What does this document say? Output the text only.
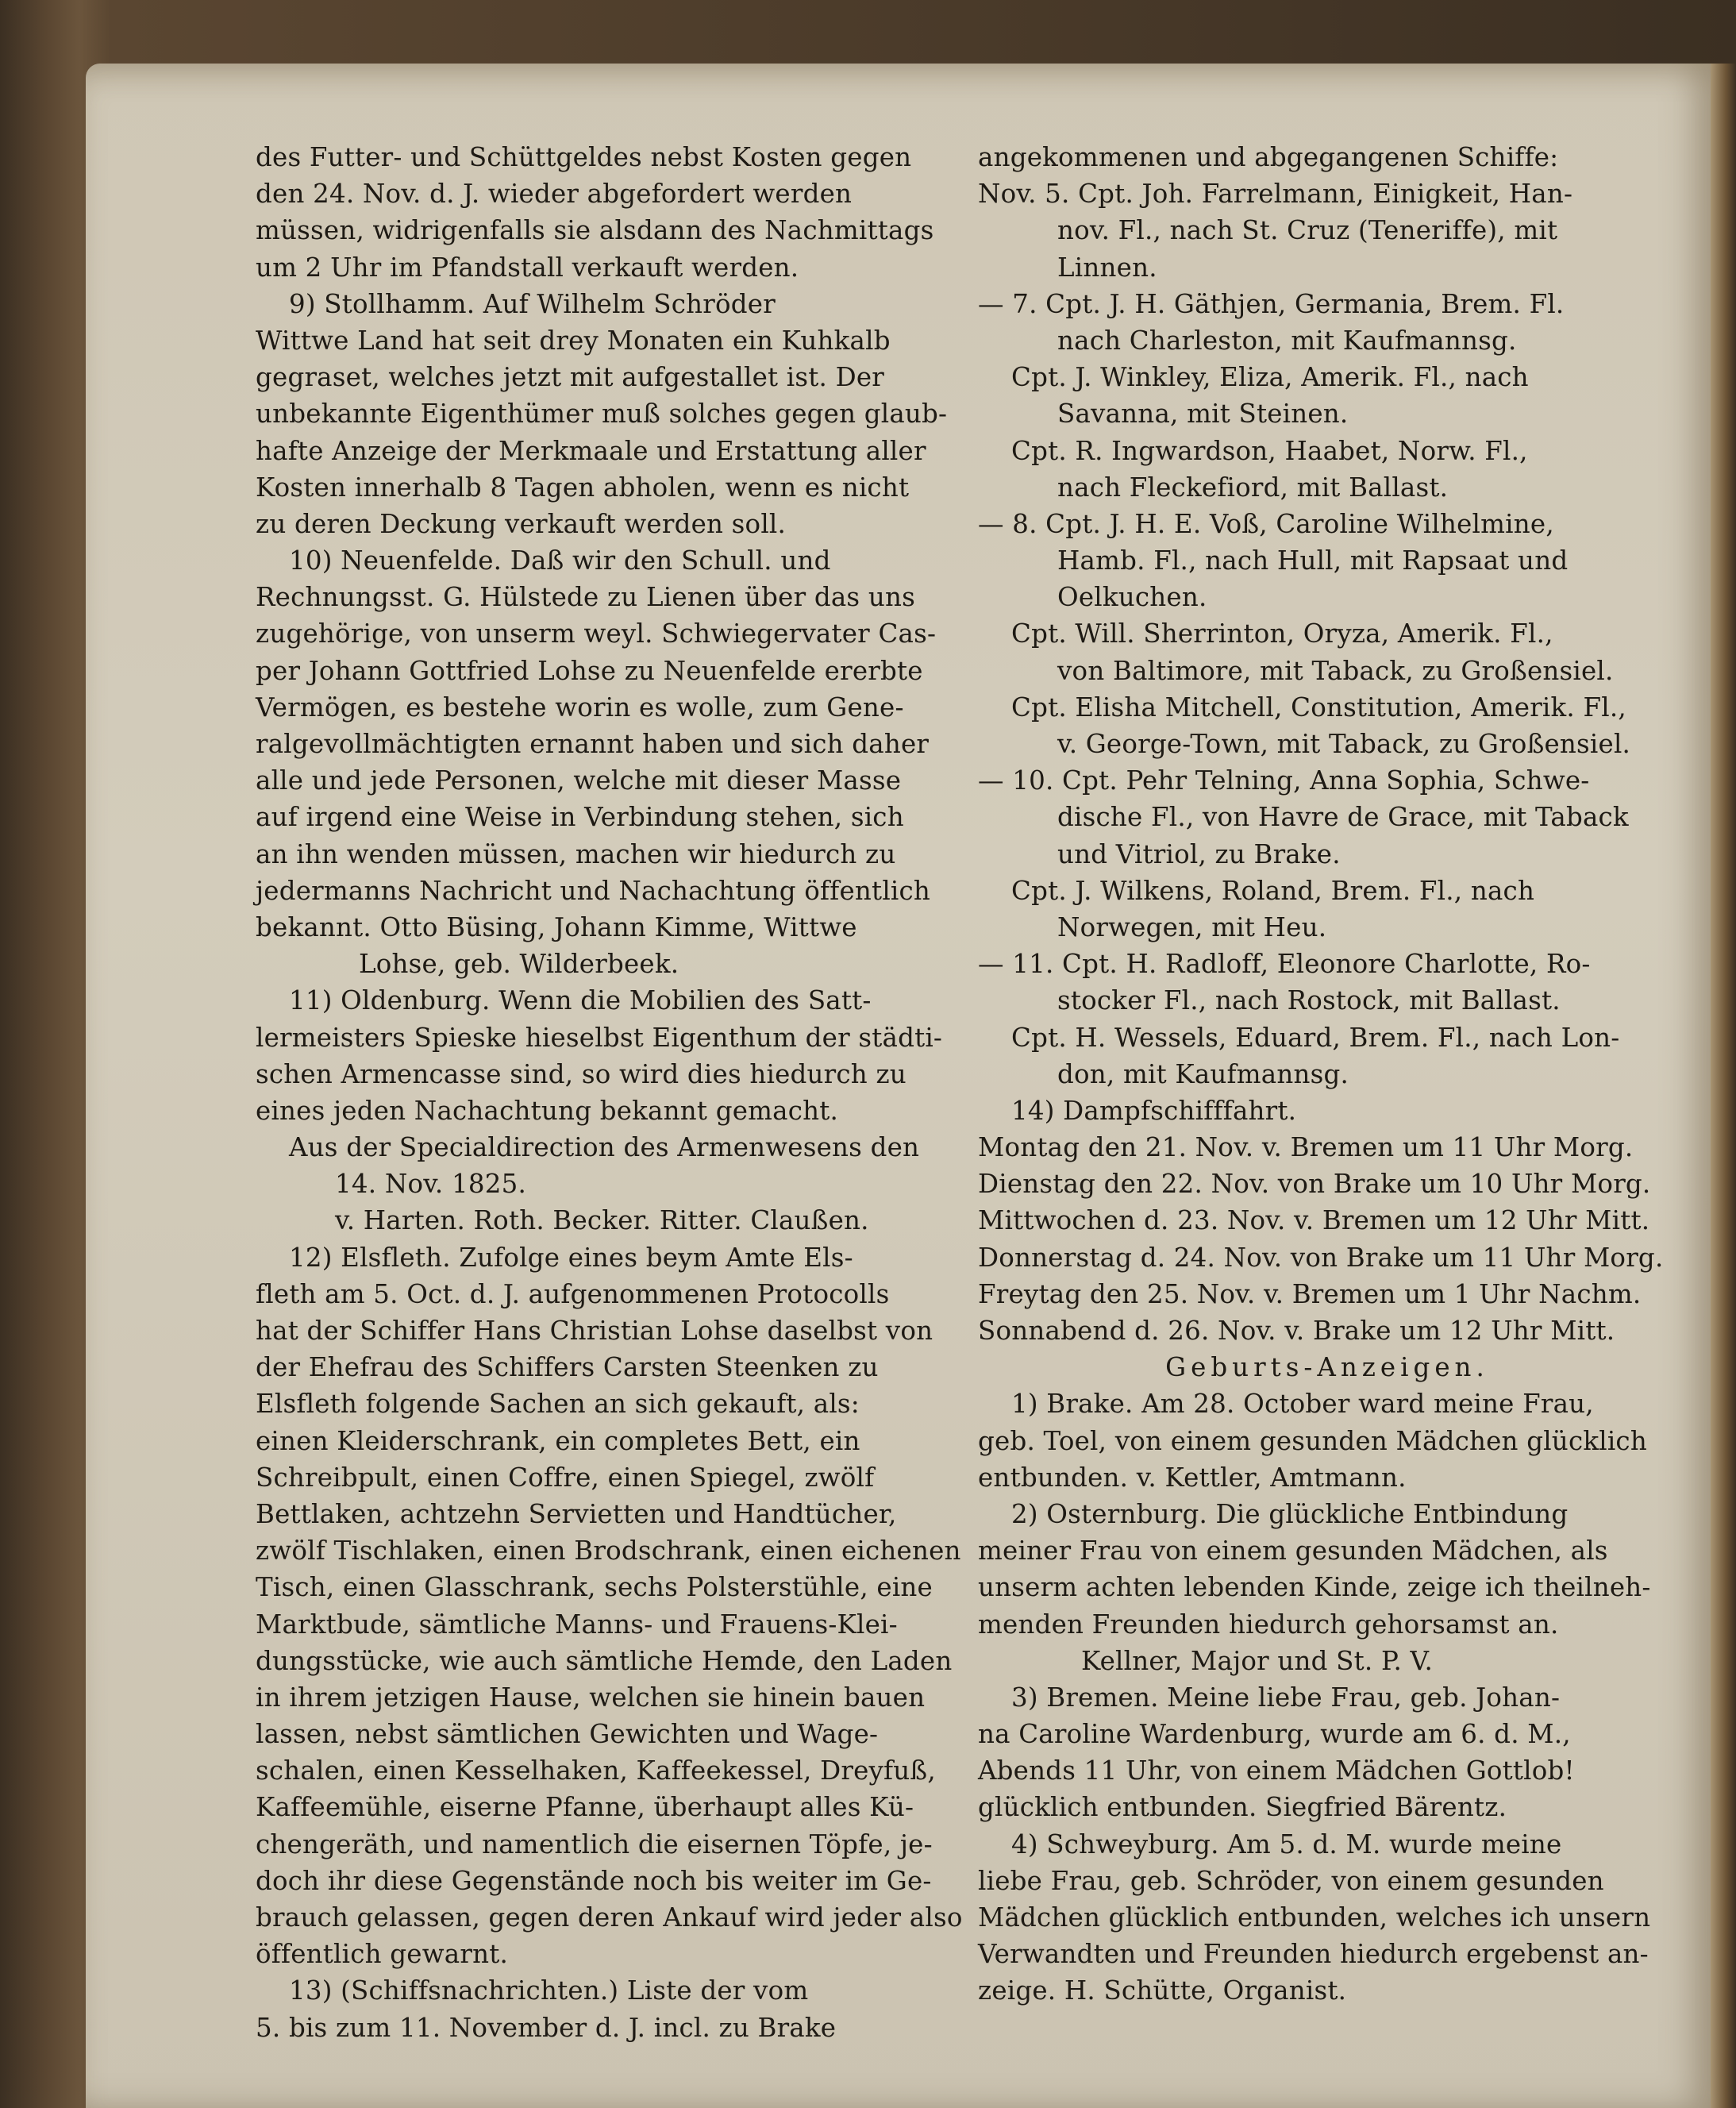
des Futter- und Schüttgeldes nebst Kosten gegen
den 24. Nov. d. J. wieder abgefordert werden
müssen, widrigenfalls sie alsdann des Nachmittags
um 2 Uhr im Pfandstall verkauft werden.
9) Stollhamm. Auf Wilhelm Schröder
Wittwe Land hat seit drey Monaten ein Kuhkalb
gegraset, welches jetzt mit aufgestallet ist. Der
unbekannte Eigenthümer muß solches gegen glaub-
hafte Anzeige der Merkmaale und Erstattung aller
Kosten innerhalb 8 Tagen abholen, wenn es nicht
zu deren Deckung verkauft werden soll.
10) Neuenfelde. Daß wir den Schull. und
Rechnungsst. G. Hülstede zu Lienen über das uns
zugehörige, von unserm weyl. Schwiegervater Cas-
per Johann Gottfried Lohse zu Neuenfelde ererbte
Vermögen, es bestehe worin es wolle, zum Gene-
ralgevollmächtigten ernannt haben und sich daher
alle und jede Personen, welche mit dieser Masse
auf irgend eine Weise in Verbindung stehen, sich
an ihn wenden müssen, machen wir hiedurch zu
jedermanns Nachricht und Nachachtung öffentlich
bekannt. Otto Büsing, Johann Kimme, Wittwe
Lohse, geb. Wilderbeek.
11) Oldenburg. Wenn die Mobilien des Satt-
lermeisters Spieske hieselbst Eigenthum der städti-
schen Armencasse sind, so wird dies hiedurch zu
eines jeden Nachachtung bekannt gemacht.
Aus der Specialdirection des Armenwesens den
14. Nov. 1825.
v. Harten. Roth. Becker. Ritter. Claußen.
12) Elsfleth. Zufolge eines beym Amte Els-
fleth am 5. Oct. d. J. aufgenommenen Protocolls
hat der Schiffer Hans Christian Lohse daselbst von
der Ehefrau des Schiffers Carsten Steenken zu
Elsfleth folgende Sachen an sich gekauft, als:
einen Kleiderschrank, ein completes Bett, ein
Schreibpult, einen Coffre, einen Spiegel, zwölf
Bettlaken, achtzehn Servietten und Handtücher,
zwölf Tischlaken, einen Brodschrank, einen eichenen
Tisch, einen Glasschrank, sechs Polsterstühle, eine
Marktbude, sämtliche Manns- und Frauens-Klei-
dungsstücke, wie auch sämtliche Hemde, den Laden
in ihrem jetzigen Hause, welchen sie hinein bauen
lassen, nebst sämtlichen Gewichten und Wage-
schalen, einen Kesselhaken, Kaffeekessel, Dreyfuß,
Kaffeemühle, eiserne Pfanne, überhaupt alles Kü-
chengeräth, und namentlich die eisernen Töpfe, je-
doch ihr diese Gegenstände noch bis weiter im Ge-
brauch gelassen, gegen deren Ankauf wird jeder also
öffentlich gewarnt.
13) (Schiffsnachrichten.) Liste der vom
5. bis zum 11. November d. J. incl. zu Brake
angekommenen und abgegangenen Schiffe:
Nov. 5. Cpt. Joh. Farrelmann, Einigkeit, Han-
nov. Fl., nach St. Cruz (Teneriffe), mit
Linnen.
— 7. Cpt. J. H. Gäthjen, Germania, Brem. Fl.
nach Charleston, mit Kaufmannsg.
Cpt. J. Winkley, Eliza, Amerik. Fl., nach
Savanna, mit Steinen.
Cpt. R. Ingwardson, Haabet, Norw. Fl.,
nach Fleckefiord, mit Ballast.
— 8. Cpt. J. H. E. Voß, Caroline Wilhelmine,
Hamb. Fl., nach Hull, mit Rapsaat und
Oelkuchen.
Cpt. Will. Sherrinton, Oryza, Amerik. Fl.,
von Baltimore, mit Taback, zu Großensiel.
Cpt. Elisha Mitchell, Constitution, Amerik. Fl.,
v. George-Town, mit Taback, zu Großensiel.
— 10. Cpt. Pehr Telning, Anna Sophia, Schwe-
dische Fl., von Havre de Grace, mit Taback
und Vitriol, zu Brake.
Cpt. J. Wilkens, Roland, Brem. Fl., nach
Norwegen, mit Heu.
— 11. Cpt. H. Radloff, Eleonore Charlotte, Ro-
stocker Fl., nach Rostock, mit Ballast.
Cpt. H. Wessels, Eduard, Brem. Fl., nach Lon-
don, mit Kaufmannsg.
14) Dampfschifffahrt.
Montag den 21. Nov. v. Bremen um 11 Uhr Morg.
Dienstag den 22. Nov. von Brake um 10 Uhr Morg.
Mittwochen d. 23. Nov. v. Bremen um 12 Uhr Mitt.
Donnerstag d. 24. Nov. von Brake um 11 Uhr Morg.
Freytag den 25. Nov. v. Bremen um 1 Uhr Nachm.
Sonnabend d. 26. Nov. v. Brake um 12 Uhr Mitt.
Geburts-Anzeigen.
1) Brake. Am 28. October ward meine Frau,
geb. Toel, von einem gesunden Mädchen glücklich
entbunden. v. Kettler, Amtmann.
2) Osternburg. Die glückliche Entbindung
meiner Frau von einem gesunden Mädchen, als
unserm achten lebenden Kinde, zeige ich theilneh-
menden Freunden hiedurch gehorsamst an.
Kellner, Major und St. P. V.
3) Bremen. Meine liebe Frau, geb. Johan-
na Caroline Wardenburg, wurde am 6. d. M.,
Abends 11 Uhr, von einem Mädchen Gottlob!
glücklich entbunden. Siegfried Bärentz.
4) Schweyburg. Am 5. d. M. wurde meine
liebe Frau, geb. Schröder, von einem gesunden
Mädchen glücklich entbunden, welches ich unsern
Verwandten und Freunden hiedurch ergebenst an-
zeige. H. Schütte, Organist.
